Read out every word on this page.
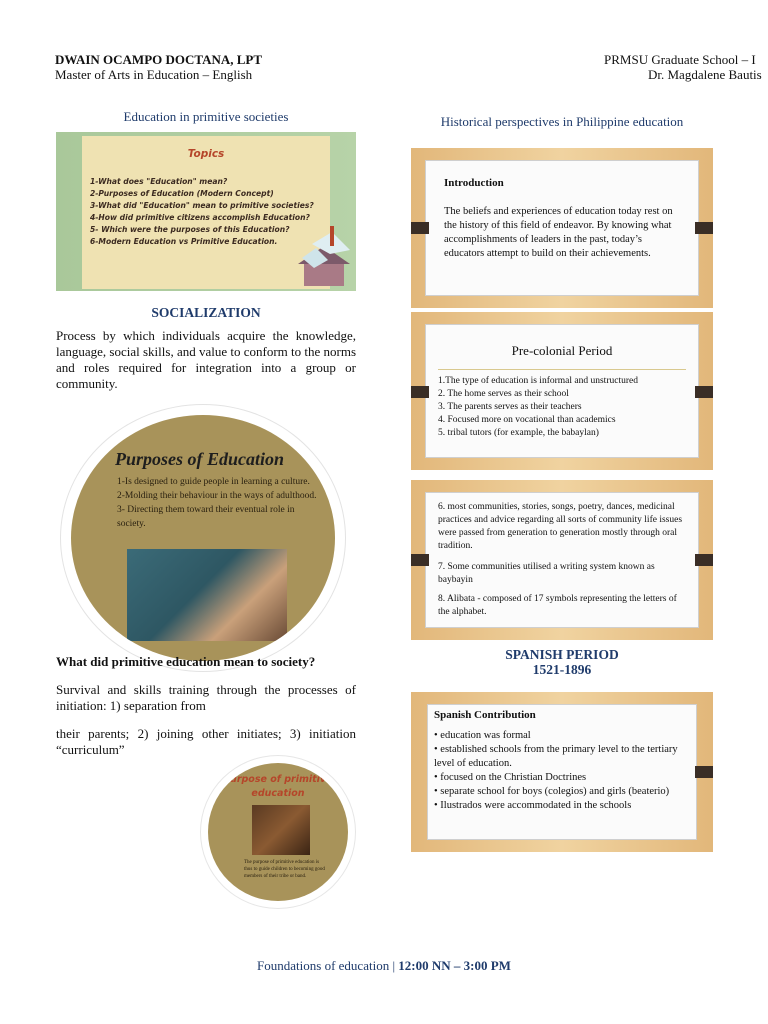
DWAIN OCAMPO DOCTANA, LPT
Master of Arts in Education – English
PRMSU Graduate School – I
Dr. Magdalene Bautis
Education in primitive societies
Topics
1-What does "Education" mean?
2-Purposes of Education (Modern Concept)
3-What did "Education" mean to primitive societies?
4-How did primitive citizens accomplish Education?
5- Which were the purposes of this Education?
6-Modern Education vs Primitive Education.
SOCIALIZATION
Process by which individuals acquire the knowledge, language, social skills, and value to conform to the norms and roles required for integration into a group or community.
Purposes of Education
1-Is designed to guide people in learning a culture.
2-Molding their behaviour in the ways of adulthood.
3- Directing them toward their eventual role in society.
What did primitive education mean to society?
Survival and skills training through the processes of initiation: 1) separation from
their parents; 2) joining other initiates; 3) initiation “curriculum”
Purpose of primitive education
The purpose of primitive education is thus to guide children to becoming good members of their tribe or band.
Historical perspectives in Philippine education
Introduction
The beliefs and experiences of education today rest on the history of this field of endeavor. By knowing what accomplishments of leaders in the past, today’s educators attempt to build on their achievements.
Pre-colonial Period
1.The type of education is informal and unstructured
2. The home serves as their school
3. The parents serves as their teachers
4. Focused more on vocational than academics
5. tribal tutors (for example, the babaylan)
6. most communities, stories, songs, poetry, dances, medicinal practices and advice regarding all sorts of community life issues were passed from generation to generation mostly through oral tradition.
7. Some communities utilised a writing system known as baybayin
8. Alibata - composed of 17 symbols representing the letters of the alphabet.
SPANISH PERIOD
1521-1896
Spanish Contribution
• education was formal
• established schools from the primary level to the tertiary level of education.
• focused on the Christian Doctrines
• separate school for boys (colegios) and girls (beaterio)
• Ilustrados were accommodated in the schools
Foundations of education | 12:00 NN – 3:00 PM
